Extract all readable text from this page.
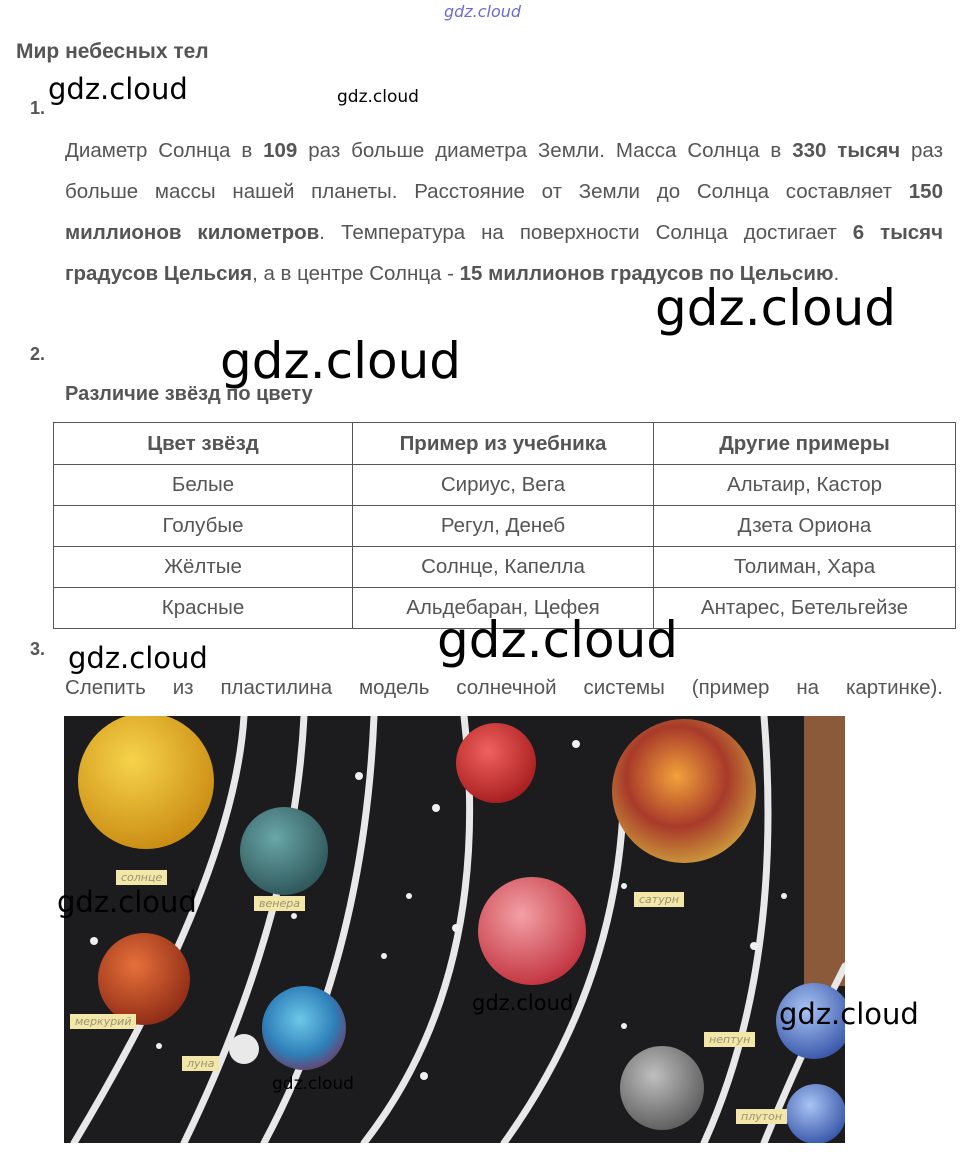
gdz.cloud
Мир небесных тел
gdz.cloud	gdz.cloud
1.
Диаметр Солнца в 109 раз больше диаметра Земли. Масса Солнца в 330 тысяч раз больше массы нашей планеты. Расстояние от Земли до Солнца составляет 150 миллионов километров. Температура на поверхности Солнца достигает 6 тысяч градусов Цельсия, а в центре Солнца - 15 миллионов градусов по Цельсию.
gdz.cloud
2.	gdz.cloud
Различие звёзд по цвету
Цвет звёзд	Пример из учебника	Другие примеры
Белые	Сириус, Вега	Альтаир, Кастор
Голубые	Регул, Денеб	Дзета Ориона
Жёлтые	Солнце, Капелла	Толиман, Хара
Красные	Альдебаран, Цефея	Антарес, Бетельгейзе
3. gdz.cloud	gdz.cloud
Слепить из пластилина модель солнечной системы (пример на картинке).
солнце
венера
меркурий
луна
сатурн
нептун
плутон
gdz.cloud
gdz.cloud	gdz.cloud
gdz.cloud
